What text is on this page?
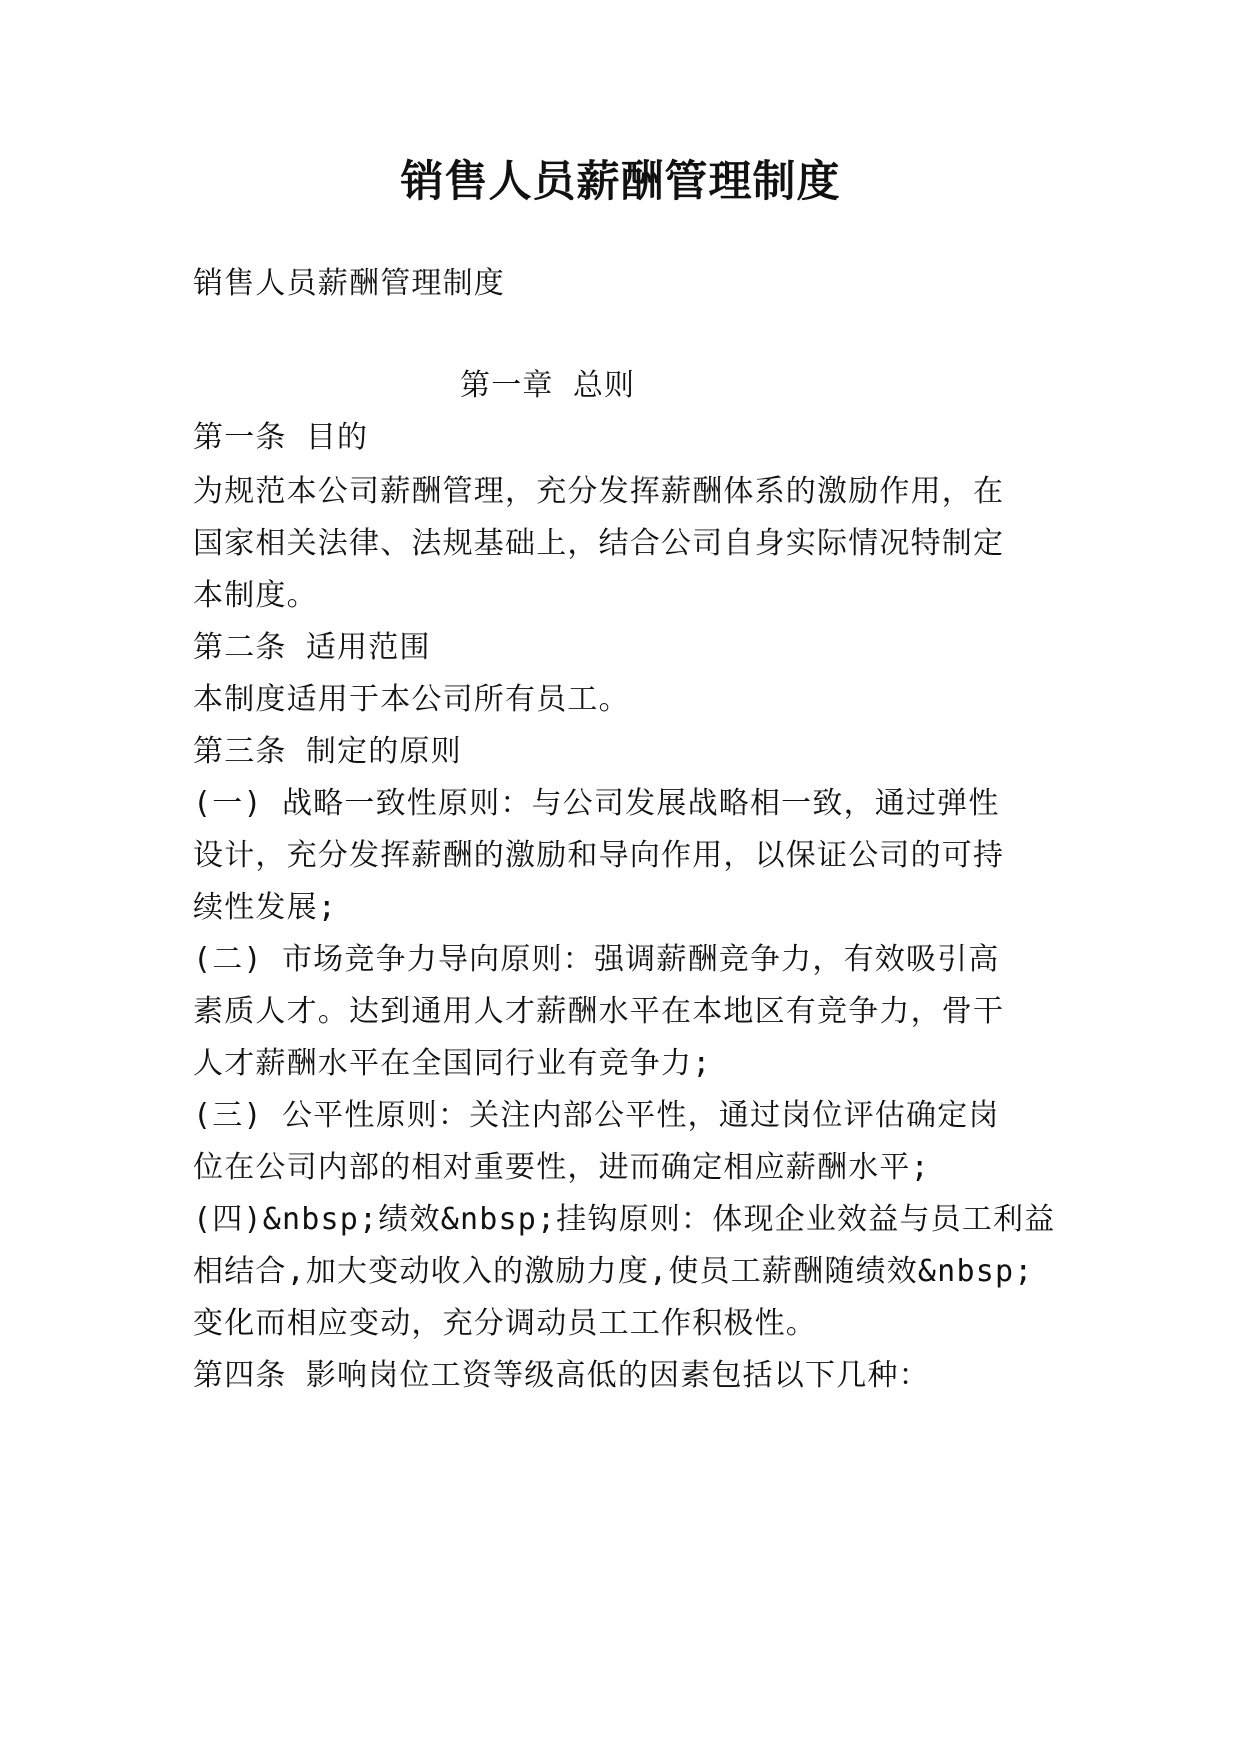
销售人员薪酬管理制度
销售人员薪酬管理制度
第一章 总则
第一条 目的
为规范本公司薪酬管理，充分发挥薪酬体系的激励作用，在
国家相关法律、法规基础上，结合公司自身实际情况特制定
本制度。
第二条 适用范围
本制度适用于本公司所有员工。
第三条 制定的原则
(一) 战略一致性原则：与公司发展战略相一致，通过弹性
设计，充分发挥薪酬的激励和导向作用，以保证公司的可持
续性发展;
(二) 市场竞争力导向原则：强调薪酬竞争力，有效吸引高
素质人才。达到通用人才薪酬水平在本地区有竞争力，骨干
人才薪酬水平在全国同行业有竞争力;
(三) 公平性原则：关注内部公平性，通过岗位评估确定岗
位在公司内部的相对重要性，进而确定相应薪酬水平;
(四)&nbsp;绩效&nbsp;挂钩原则：体现企业效益与员工利益
相结合,加大变动收入的激励力度,使员工薪酬随绩效&nbsp;
变化而相应变动，充分调动员工工作积极性。
第四条 影响岗位工资等级高低的因素包括以下几种：
